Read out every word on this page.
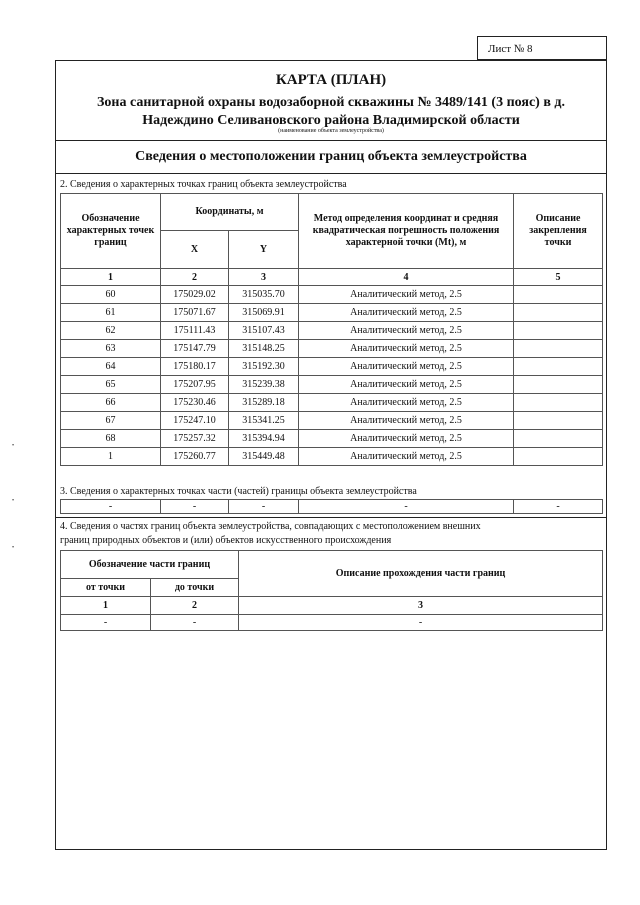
Лист № 8
КАРТА (ПЛАН)
Зона санитарной охраны водозаборной скважины № 3489/141 (3 пояс) в д.
Надеждино Селивановского района Владимирской области
(наименование объекта землеустройства)
Сведения о местоположении границ объекта землеустройства
2. Сведения о характерных точках границ объекта землеустройства
Обозначение характерных точек границ	Координаты, м		Метод определения координат и средняя квадратическая погрешность положения характерной точки (Mt), м	Описание закрепления точки
	X	Y		
1	2	3	4	5
60	175029.02	315035.70	Аналитический метод, 2.5	
61	175071.67	315069.91	Аналитический метод, 2.5	
62	175111.43	315107.43	Аналитический метод, 2.5	
63	175147.79	315148.25	Аналитический метод, 2.5	
64	175180.17	315192.30	Аналитический метод, 2.5	
65	175207.95	315239.38	Аналитический метод, 2.5	
66	175230.46	315289.18	Аналитический метод, 2.5	
67	175247.10	315341.25	Аналитический метод, 2.5	
68	175257.32	315394.94	Аналитический метод, 2.5	
1	175260.77	315449.48	Аналитический метод, 2.5	
3. Сведения о характерных точках части (частей) границы объекта землеустройства
-	-	-	-	-
4. Сведения о частях границ объекта землеустройства, совпадающих с местоположением внешних
границ природных объектов и (или) объектов искусственного происхождения
Обозначение части границ		Описание прохождения части границ
от точки	до точки	
1	2	3
-	-	-
•
•
•
